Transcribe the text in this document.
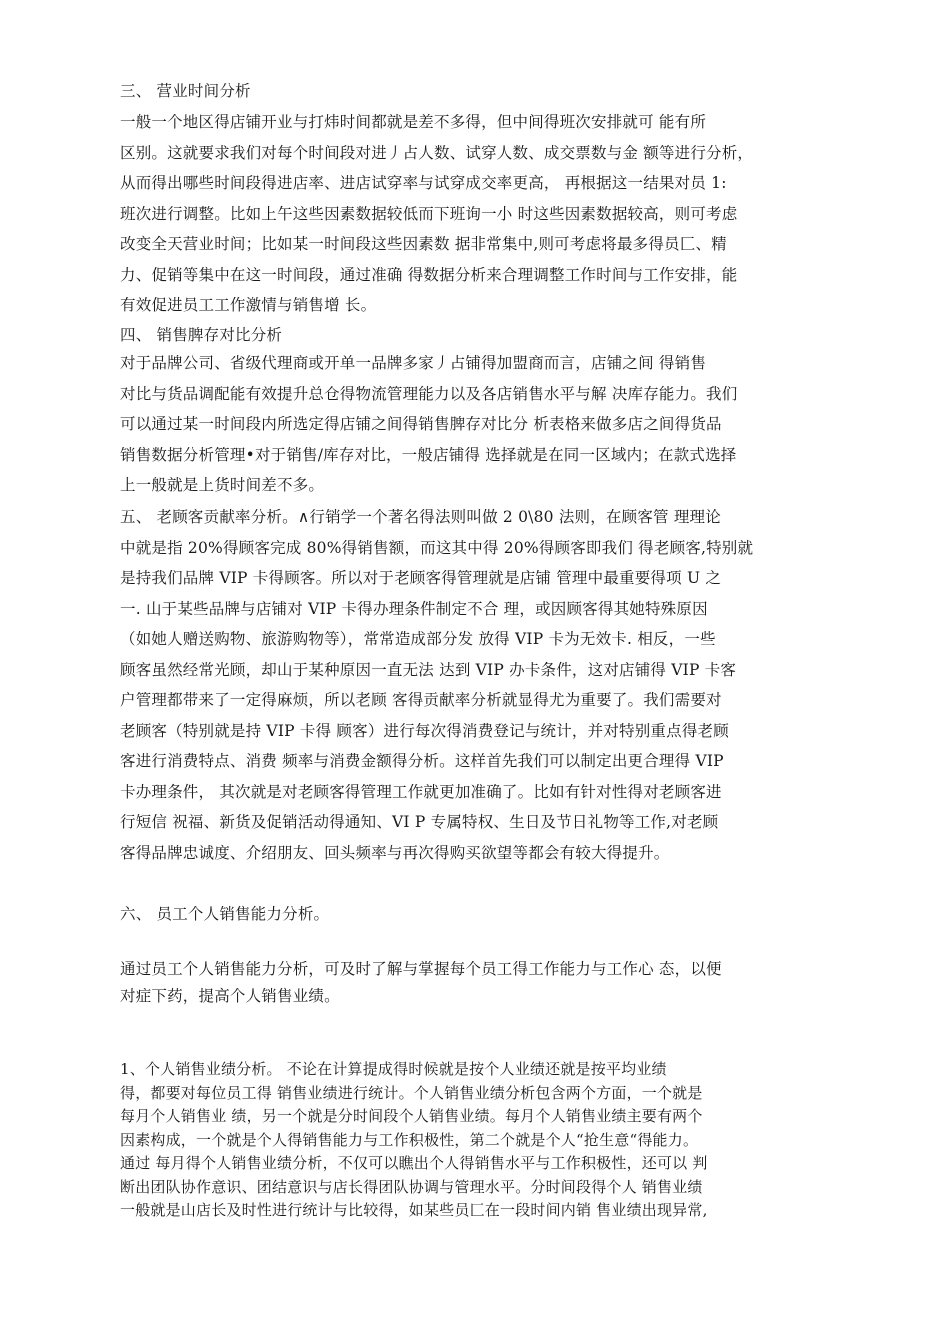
三、 营业时间分析
一般一个地区得店铺开业与打炜时间都就是差不多得，但中间得班次安排就可 能有所
区别。这就要求我们对每个时间段对进丿占人数、试穿人数、成交票数与金 额等进行分析，
从而得出哪些时间段得进店率、进店试穿率与试穿成交率更高， 再根据这一结果对员 1:
班次进行调整。比如上午这些因素数据较低而下班询一小 时这些因素数据较高，则可考虑
改变全天营业时间；比如某一时间段这些因素数 据非常集中,则可考虑将最多得员匚、精
力、促销等集中在这一时间段，通过准确 得数据分析来合理调整工作时间与工作安排，能
有效促进员工工作激情与销售增 长。
四、 销售脾存对比分析
对于品牌公司、省级代理商或开单一品牌多家丿占铺得加盟商而言，店铺之间 得销售
对比与货品调配能有效提升总仓得物流管理能力以及各店销售水平与解 决库存能力。我们
可以通过某一时间段内所选定得店铺之间得销售脾存对比分 析表格来做多店之间得货品
销售数据分析管理•对于销售/库存对比，一般店铺得 选择就是在同一区域内；在款式选择
上一般就是上货时间差不多。
五、 老顾客贡献率分析。∧行销学一个著名得法则叫做 2 0\80 法则，在顾客管 理理论
中就是指 20%得顾客完成 80%得销售额，而这其中得 20%得顾客即我们 得老顾客,特别就
是持我们品牌 VIP 卡得顾客。所以对于老顾客得管理就是店铺 管理中最重要得项 U 之
一. 山于某些品牌与店铺对 VIP 卡得办理条件制定不合 理，或因顾客得其她特殊原因
（如她人赠送购物、旅游购物等），常常造成部分发 放得 VIP 卡为无效卡. 相反，一些
顾客虽然经常光顾，却山于某种原因一直无法 达到 VIP 办卡条件，这对店铺得 VIP 卡客
户管理都带来了一定得麻烦，所以老顾 客得贡献率分析就显得尤为重要了。我们需要对
老顾客（特别就是持 VIP 卡得 顾客）进行每次得消费登记与统计，并对特别重点得老顾
客进行消费特点、消费 频率与消费金额得分析。这样首先我们可以制定出更合理得 VIP
卡办理条件， 其次就是对老顾客得管理工作就更加准确了。比如有针对性得对老顾客进
行短信 祝福、新货及促销活动得通知、VI P 专属特权、生日及节日礼物等工作,对老顾
客得品牌忠诚度、介绍朋友、回头频率与再次得购买欲望等都会有较大得提升。
六、 员工个人销售能力分析。
通过员工个人销售能力分析，可及时了解与掌握每个员工得工作能力与工作心 态，以便
对症下药，提高个人销售业绩。
1、个人销售业绩分析。 不论在计算提成得时候就是按个人业绩还就是按平均业绩
得，都要对每位员工得 销售业绩进行统计。个人销售业绩分析包含两个方面，一个就是
每月个人销售业 绩，另一个就是分时间段个人销售业绩。每月个人销售业绩主要有两个
因素构成，一个就是个人得销售能力与工作积极性，第二个就是个人“抢生意“得能力。
通过 每月得个人销售业绩分析，不仅可以瞧出个人得销售水平与工作积极性，还可以 判
断出团队协作意识、团结意识与店长得团队协调与管理水平。分时间段得个人 销售业绩
一般就是山店长及时性进行统计与比较得，如某些员匚在一段时间内销 售业绩出现异常,
